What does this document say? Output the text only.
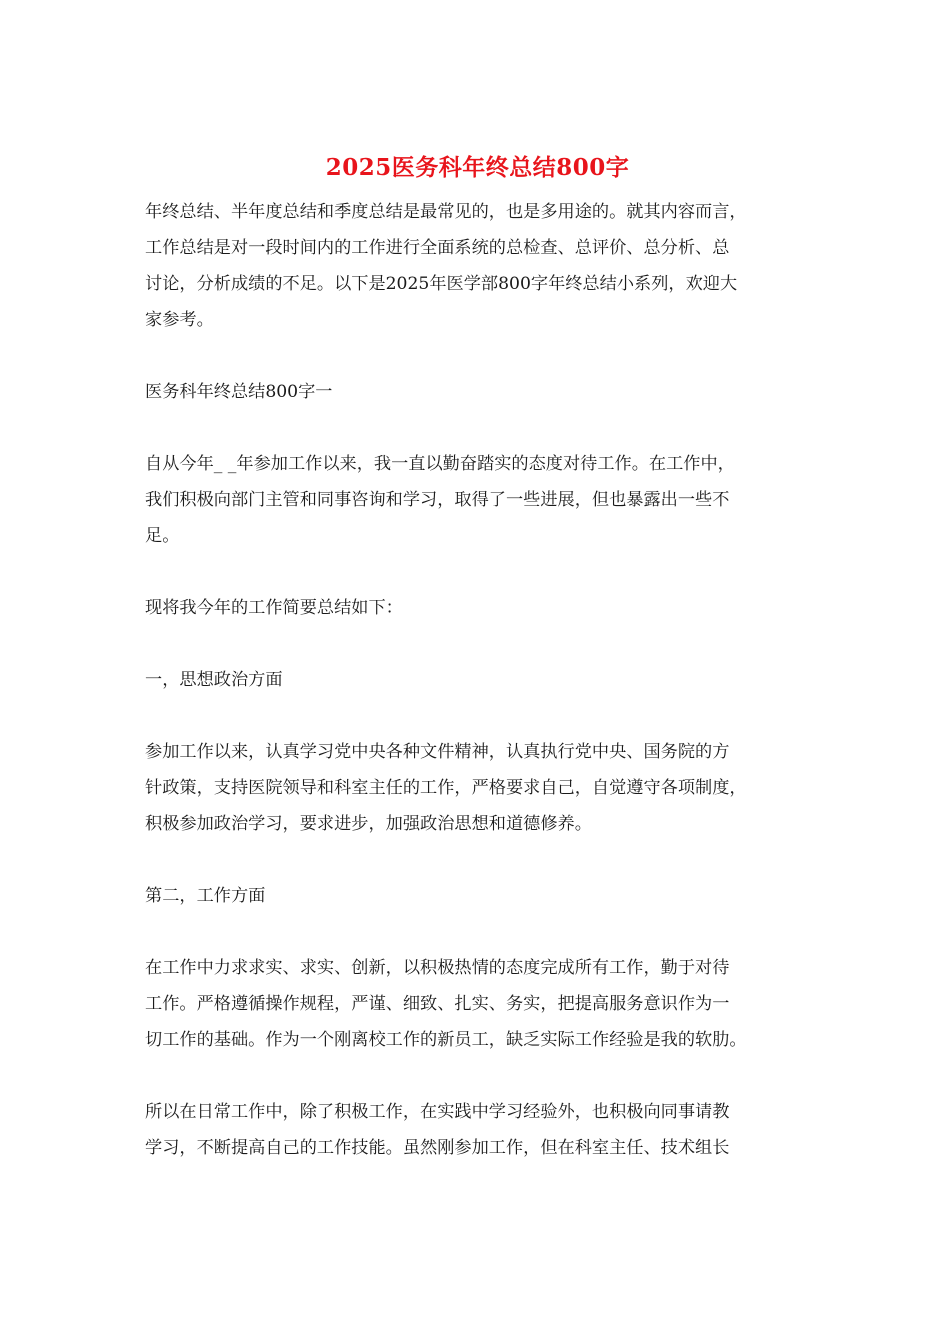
2025医务科年终总结800字

年终总结、半年度总结和季度总结是最常见的，也是多用途的。就其内容而言，
工作总结是对一段时间内的工作进行全面系统的总检查、总评价、总分析、总
讨论，分析成绩的不足。以下是2025年医学部800字年终总结小系列，欢迎大
家参考。

医务科年终总结800字一

自从今年_ _年参加工作以来，我一直以勤奋踏实的态度对待工作。在工作中，
我们积极向部门主管和同事咨询和学习，取得了一些进展，但也暴露出一些不
足。

现将我今年的工作简要总结如下：

一，思想政治方面

参加工作以来，认真学习党中央各种文件精神，认真执行党中央、国务院的方
针政策，支持医院领导和科室主任的工作，严格要求自己，自觉遵守各项制度，
积极参加政治学习，要求进步，加强政治思想和道德修养。

第二，工作方面

在工作中力求求实、求实、创新，以积极热情的态度完成所有工作，勤于对待
工作。严格遵循操作规程，严谨、细致、扎实、务实，把提高服务意识作为一
切工作的基础。作为一个刚离校工作的新员工，缺乏实际工作经验是我的软肋。

所以在日常工作中，除了积极工作，在实践中学习经验外，也积极向同事请教
学习，不断提高自己的工作技能。虽然刚参加工作，但在科室主任、技术组长
